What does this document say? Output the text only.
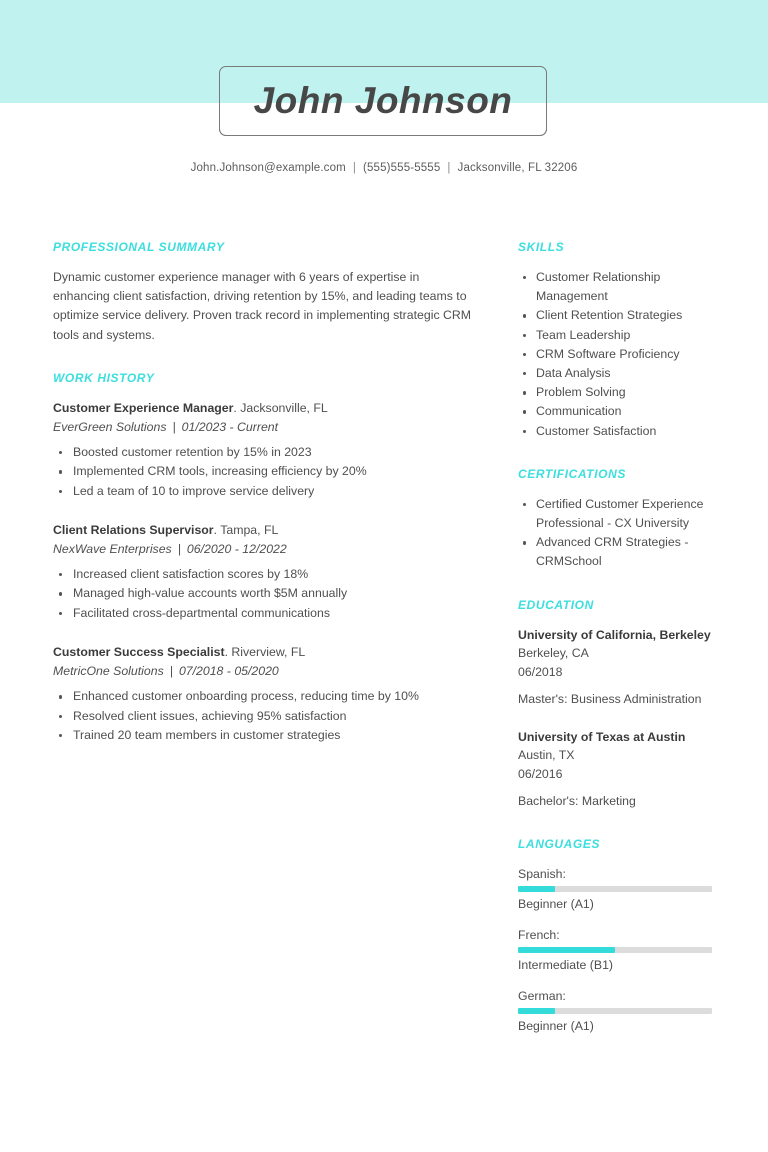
John Johnson
John.Johnson@example.com | (555)555-5555 | Jacksonville, FL 32206
PROFESSIONAL SUMMARY

Dynamic customer experience manager with 6 years of expertise in enhancing client satisfaction, driving retention by 15%, and leading teams to optimize service delivery. Proven track record in implementing strategic CRM tools and systems.

WORK HISTORY
Customer Experience Manager. Jacksonville, FL
EverGreen Solutions | 01/2023 - Current
Boosted customer retention by 15% in 2023
Implemented CRM tools, increasing efficiency by 20%
Led a team of 10 to improve service delivery
Client Relations Supervisor. Tampa, FL
NexWave Enterprises | 06/2020 - 12/2022
Increased client satisfaction scores by 18%
Managed high-value accounts worth $5M annually
Facilitated cross-departmental communications
Customer Success Specialist. Riverview, FL
MetricOne Solutions | 07/2018 - 05/2020
Enhanced customer onboarding process, reducing time by 10%
Resolved client issues, achieving 95% satisfaction
Trained 20 team members in customer strategies
SKILLS
Customer Relationship Management
Client Retention Strategies
Team Leadership
CRM Software Proficiency
Data Analysis
Problem Solving
Communication
Customer Satisfaction
CERTIFICATIONS
Certified Customer Experience Professional - CX University
Advanced CRM Strategies - CRMSchool
EDUCATION
University of California, Berkeley
Berkeley, CA
06/2018
Master's: Business Administration
University of Texas at Austin
Austin, TX
06/2016
Bachelor's: Marketing
LANGUAGES
Spanish:
Beginner (A1)
French:
Intermediate (B1)
German:
Beginner (A1)
